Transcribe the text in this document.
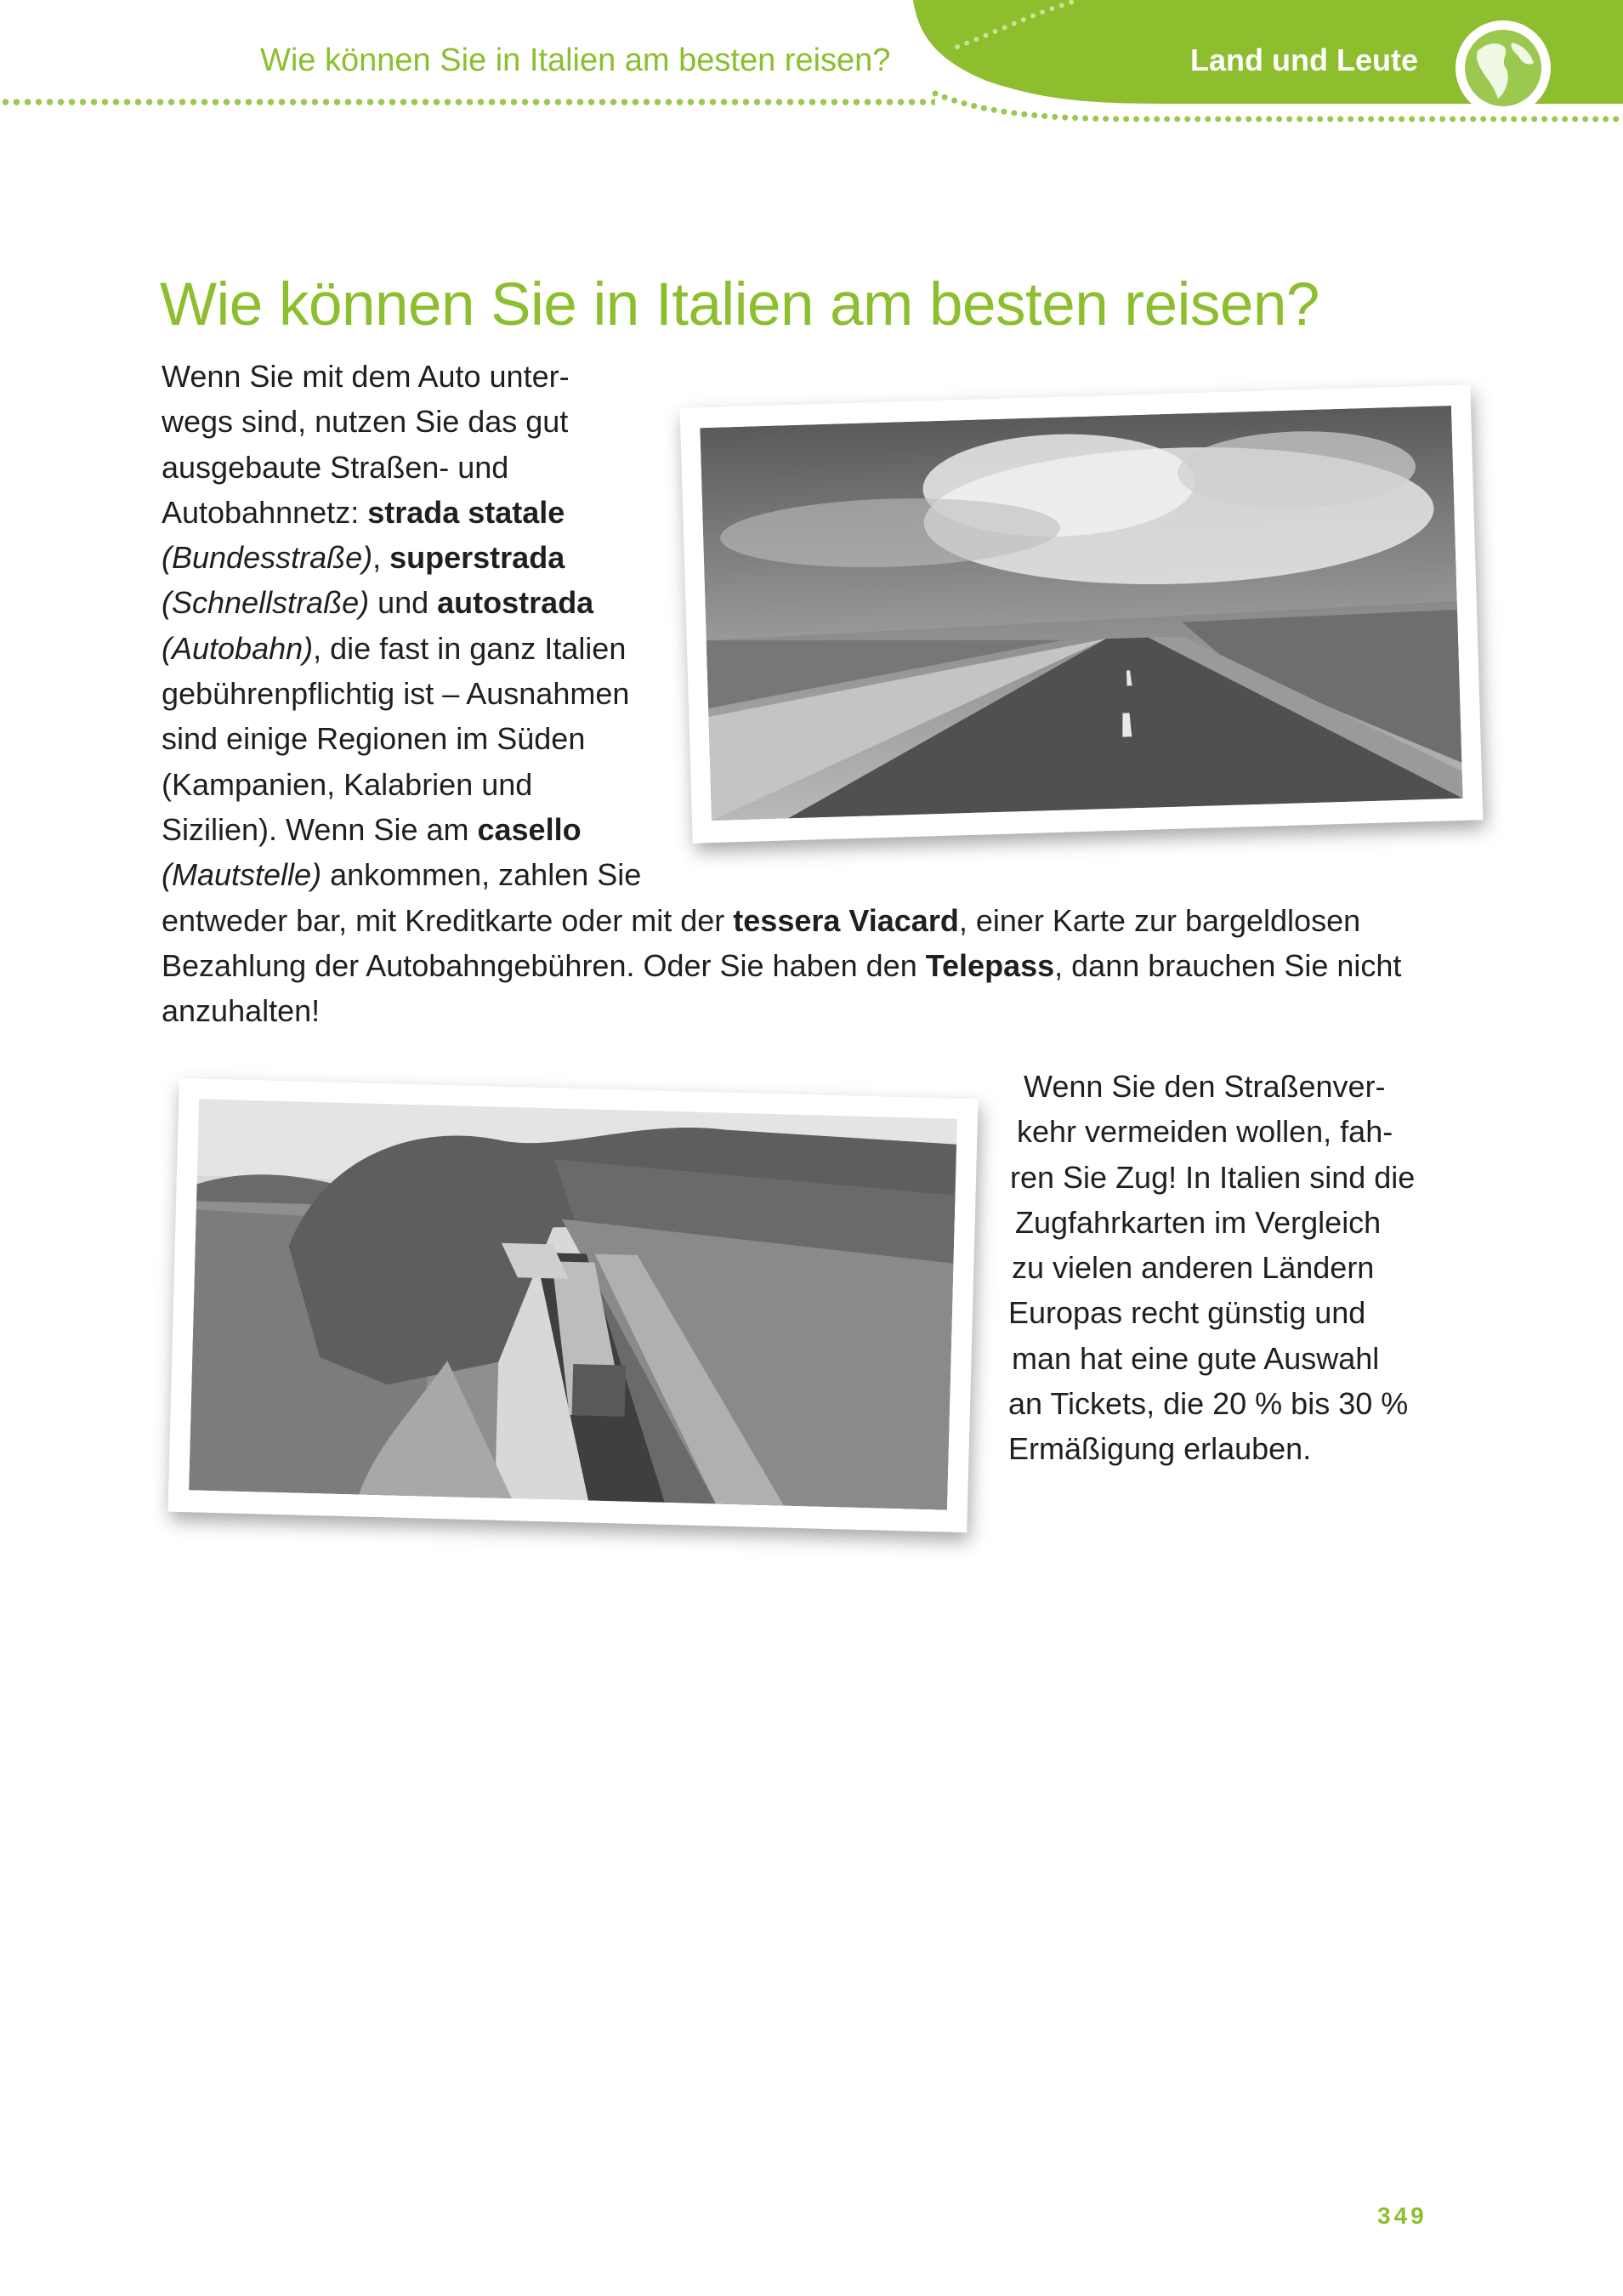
Wie können Sie in Italien am besten reisen?	Land und Leute
Wie können Sie in Italien am besten reisen?
Wenn Sie mit dem Auto unter-
wegs sind, nutzen Sie das gut
ausgebaute Straßen- und
Autobahnnetz: strada statale
(Bundesstraße), superstrada
(Schnellstraße) und autostrada
(Autobahn), die fast in ganz Italien
gebührenpflichtig ist – Ausnahmen
sind einige Regionen im Süden
(Kampanien, Kalabrien und
Sizilien). Wenn Sie am casello
(Mautstelle) ankommen, zahlen Sie
entweder bar, mit Kreditkarte oder mit der tessera Viacard, einer Karte zur bargeldlosen
Bezahlung der Autobahngebühren. Oder Sie haben den Telepass, dann brauchen Sie nicht
anzuhalten!
Wenn Sie den Straßenver-
kehr vermeiden wollen, fah-
ren Sie Zug! In Italien sind die
Zugfahrkarten im Vergleich
zu vielen anderen Ländern
Europas recht günstig und
man hat eine gute Auswahl
an Tickets, die 20 % bis 30 %
Ermäßigung erlauben.
349
